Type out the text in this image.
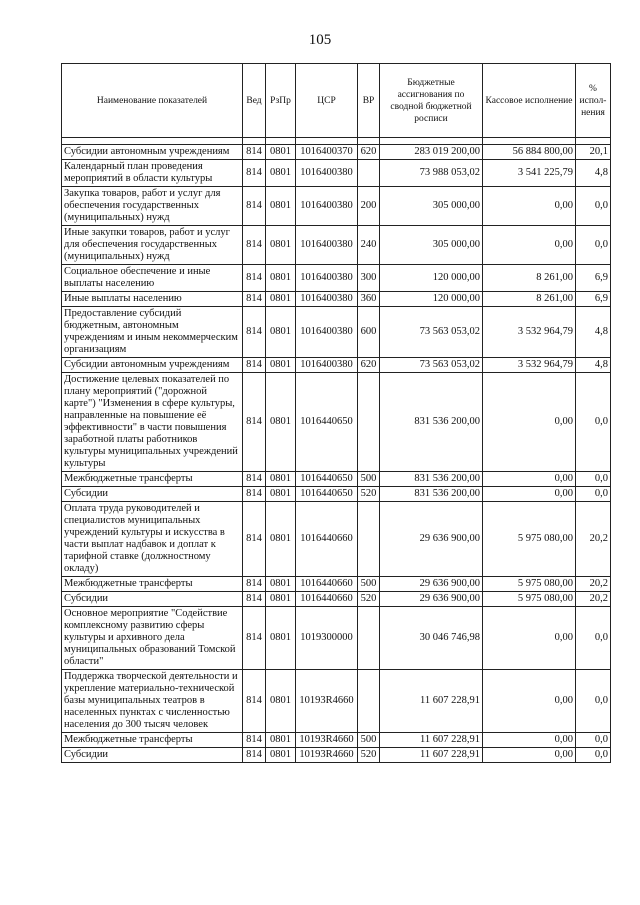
105
Наименование показателей	Вед	РзПр	ЦСР	ВР	Бюджетные ассигнования по сводной бюджетной росписи	Кассовое исполнение	% испол-нения

Субсидии автономным учреждениям	814	0801	1016400370	620	283 019 200,00	56 884 800,00	20,1
Календарный план проведения мероприятий в области культуры	814	0801	1016400380		73 988 053,02	3 541 225,79	4,8
Закупка товаров, работ и услуг для обеспечения государственных (муниципальных) нужд	814	0801	1016400380	200	305 000,00	0,00	0,0
Иные закупки товаров, работ и услуг для обеспечения государственных (муниципальных) нужд	814	0801	1016400380	240	305 000,00	0,00	0,0
Социальное обеспечение и иные выплаты населению	814	0801	1016400380	300	120 000,00	8 261,00	6,9
Иные выплаты населению	814	0801	1016400380	360	120 000,00	8 261,00	6,9
Предоставление субсидий бюджетным, автономным учреждениям и иным некоммерческим организациям	814	0801	1016400380	600	73 563 053,02	3 532 964,79	4,8
Субсидии автономным учреждениям	814	0801	1016400380	620	73 563 053,02	3 532 964,79	4,8
Достижение целевых показателей по плану мероприятий ("дорожной карте") "Изменения в сфере культуры, направленные на повышение её эффективности" в части повышения заработной платы работников культуры муниципальных учреждений культуры	814	0801	1016440650		831 536 200,00	0,00	0,0
Межбюджетные трансферты	814	0801	1016440650	500	831 536 200,00	0,00	0,0
Субсидии	814	0801	1016440650	520	831 536 200,00	0,00	0,0
Оплата труда руководителей и специалистов муниципальных учреждений культуры и искусства в части выплат надбавок и доплат к тарифной ставке (должностному окладу)	814	0801	1016440660		29 636 900,00	5 975 080,00	20,2
Межбюджетные трансферты	814	0801	1016440660	500	29 636 900,00	5 975 080,00	20,2
Субсидии	814	0801	1016440660	520	29 636 900,00	5 975 080,00	20,2
Основное мероприятие "Содействие комплексному развитию сферы культуры и архивного дела муниципальных образований Томской области"	814	0801	1019300000		30 046 746,98	0,00	0,0
Поддержка творческой деятельности и укрепление материально-технической базы муниципальных театров в населенных пунктах с численностью населения до 300 тысяч человек	814	0801	10193R4660		11 607 228,91	0,00	0,0
Межбюджетные трансферты	814	0801	10193R4660	500	11 607 228,91	0,00	0,0
Субсидии	814	0801	10193R4660	520	11 607 228,91	0,00	0,0
